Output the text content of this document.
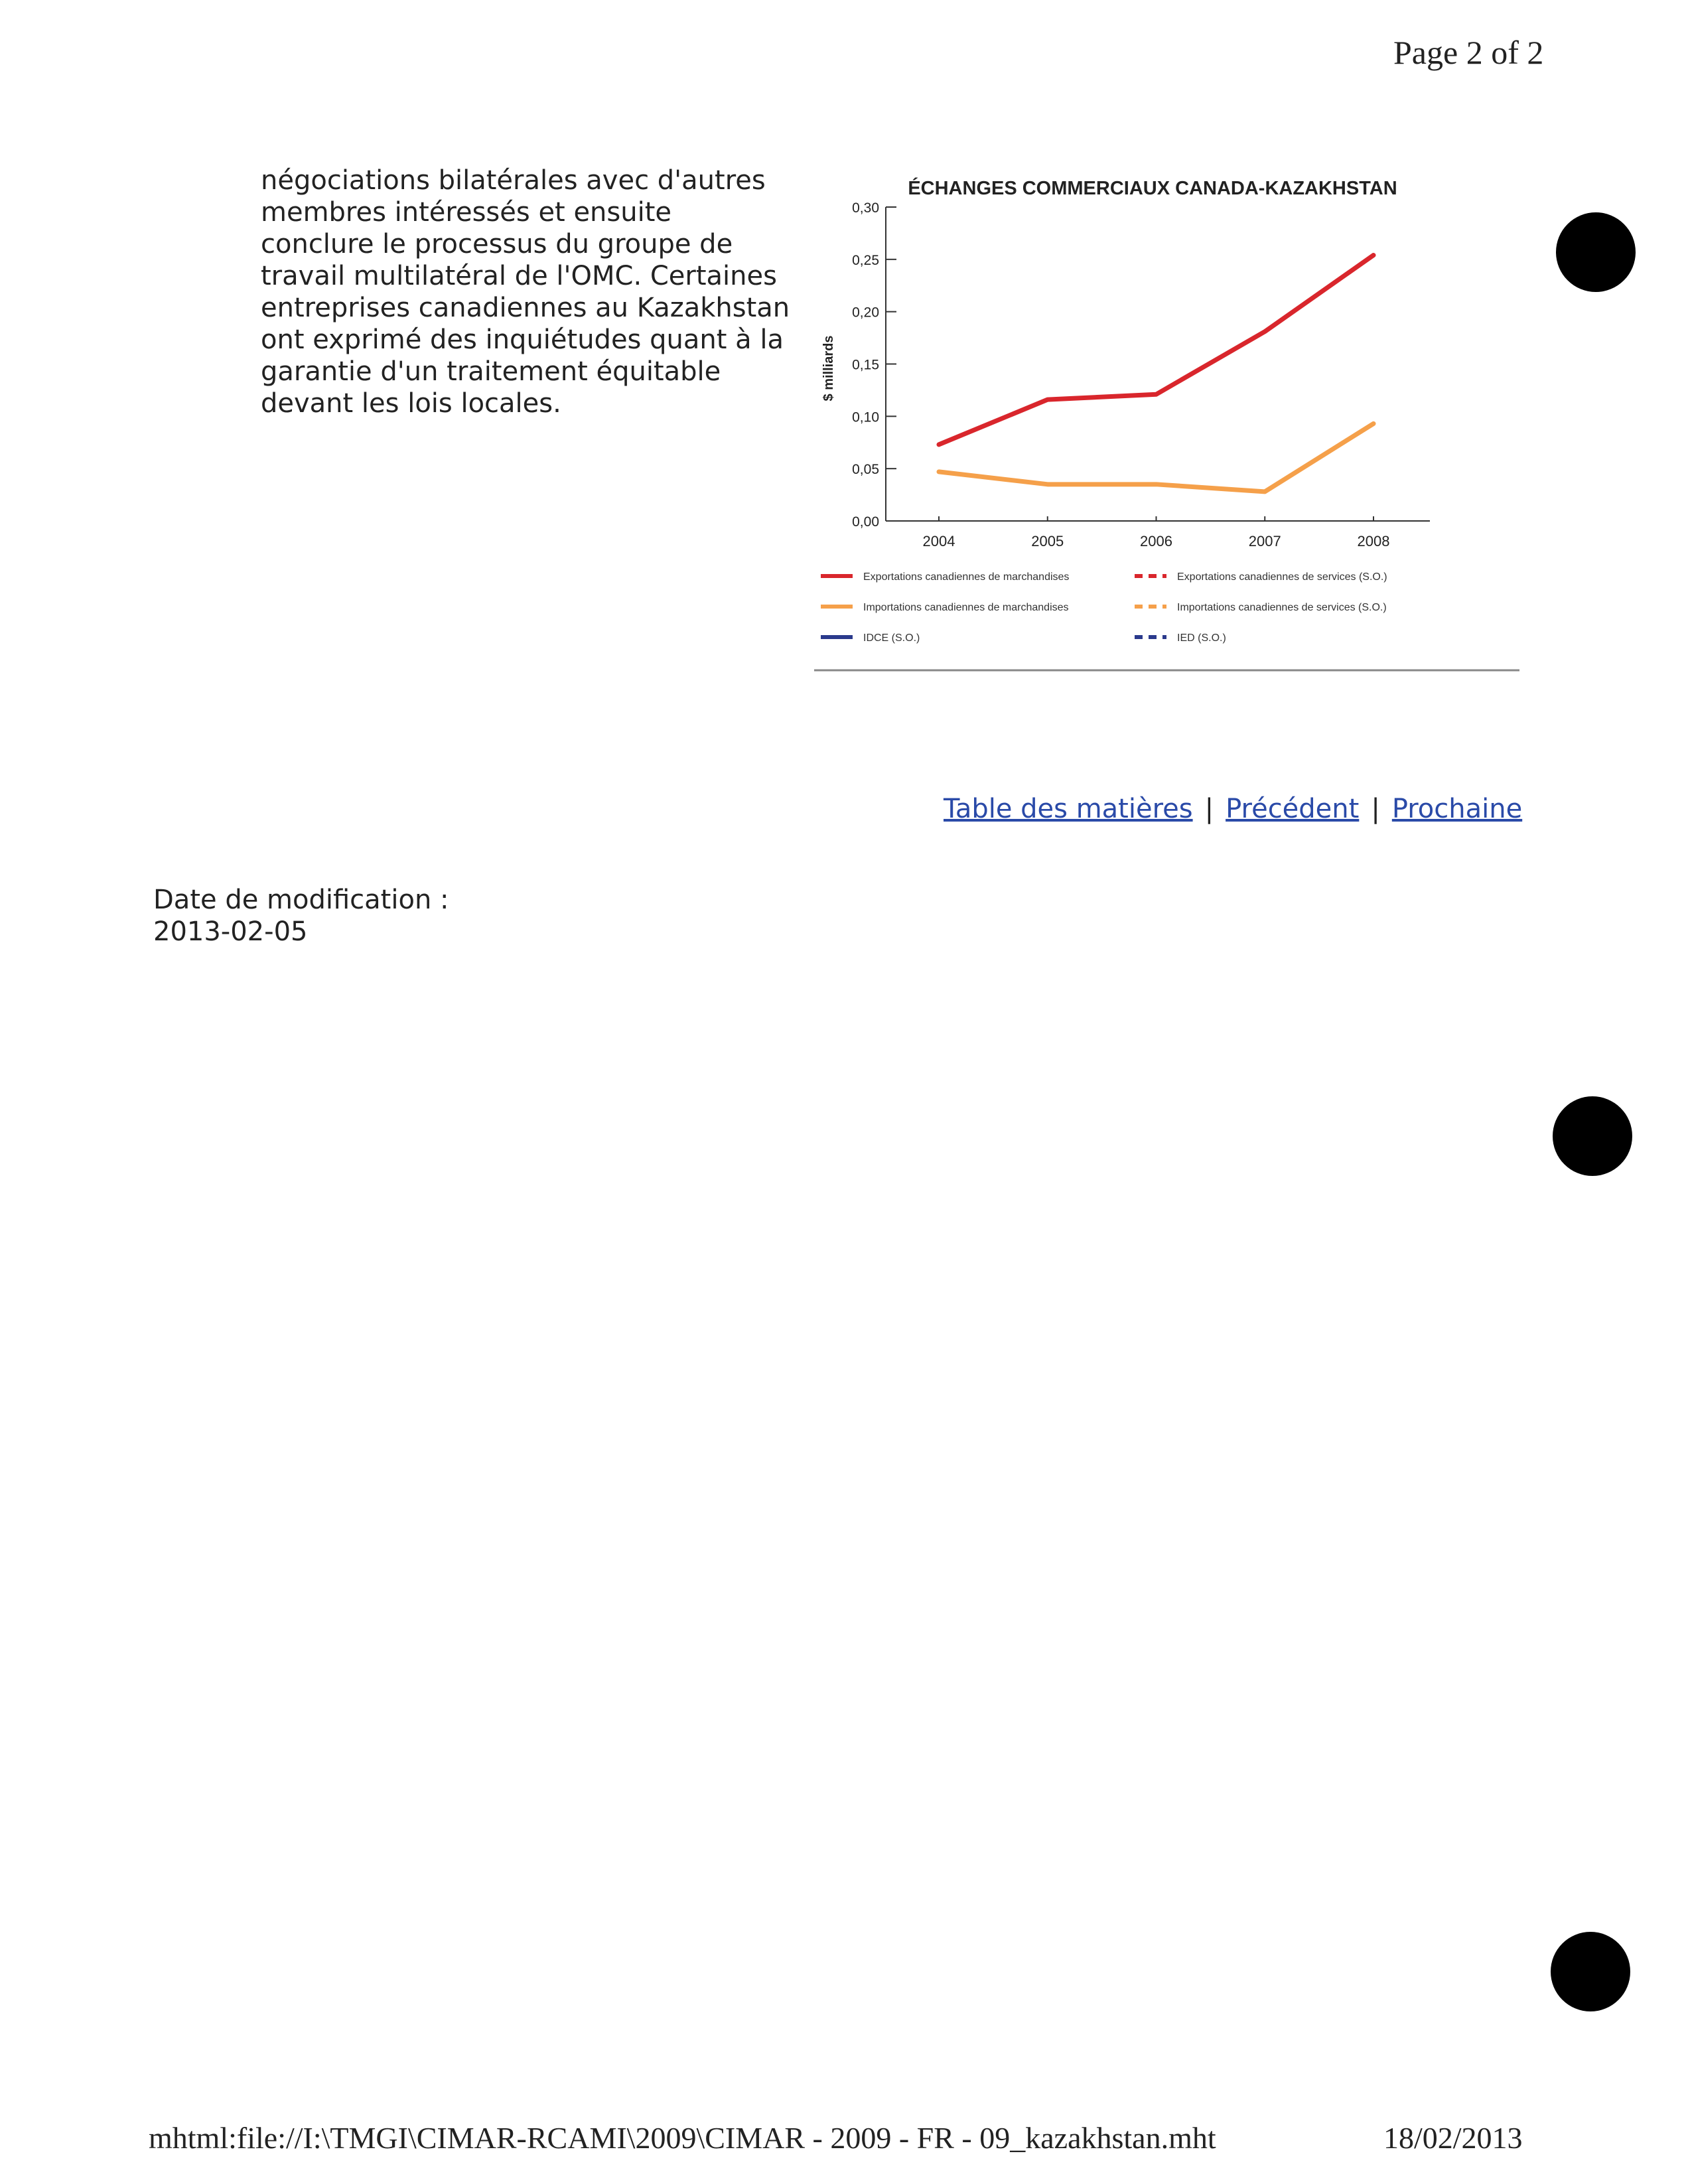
Page 2 of 2
négociations bilatérales avec d'autres
membres intéressés et ensuite
conclure le processus du groupe de
travail multilatéral de l'OMC. Certaines
entreprises canadiennes au Kazakhstan
ont exprimé des inquiétudes quant à la
garantie d'un traitement équitable
devant les lois locales.
ÉCHANGES COMMERCIAUX CANADA-KAZAKHSTAN
$ milliards
0,00
0,05
0,10
0,15
0,20
0,25
0,30
2004	2005	2006	2007	2008
Exportations canadiennes de marchandises	Exportations canadiennes de services (S.O.)
Importations canadiennes de marchandises	Importations canadiennes de services (S.O.)
IDCE (S.O.)	IED (S.O.)
Table des matières | Précédent | Prochaine
Date de modification :
2013-02-05
mhtml:file://I:\TMGI\CIMAR-RCAMI\2009\CIMAR - 2009 - FR - 09_kazakhstan.mht	18/02/2013
